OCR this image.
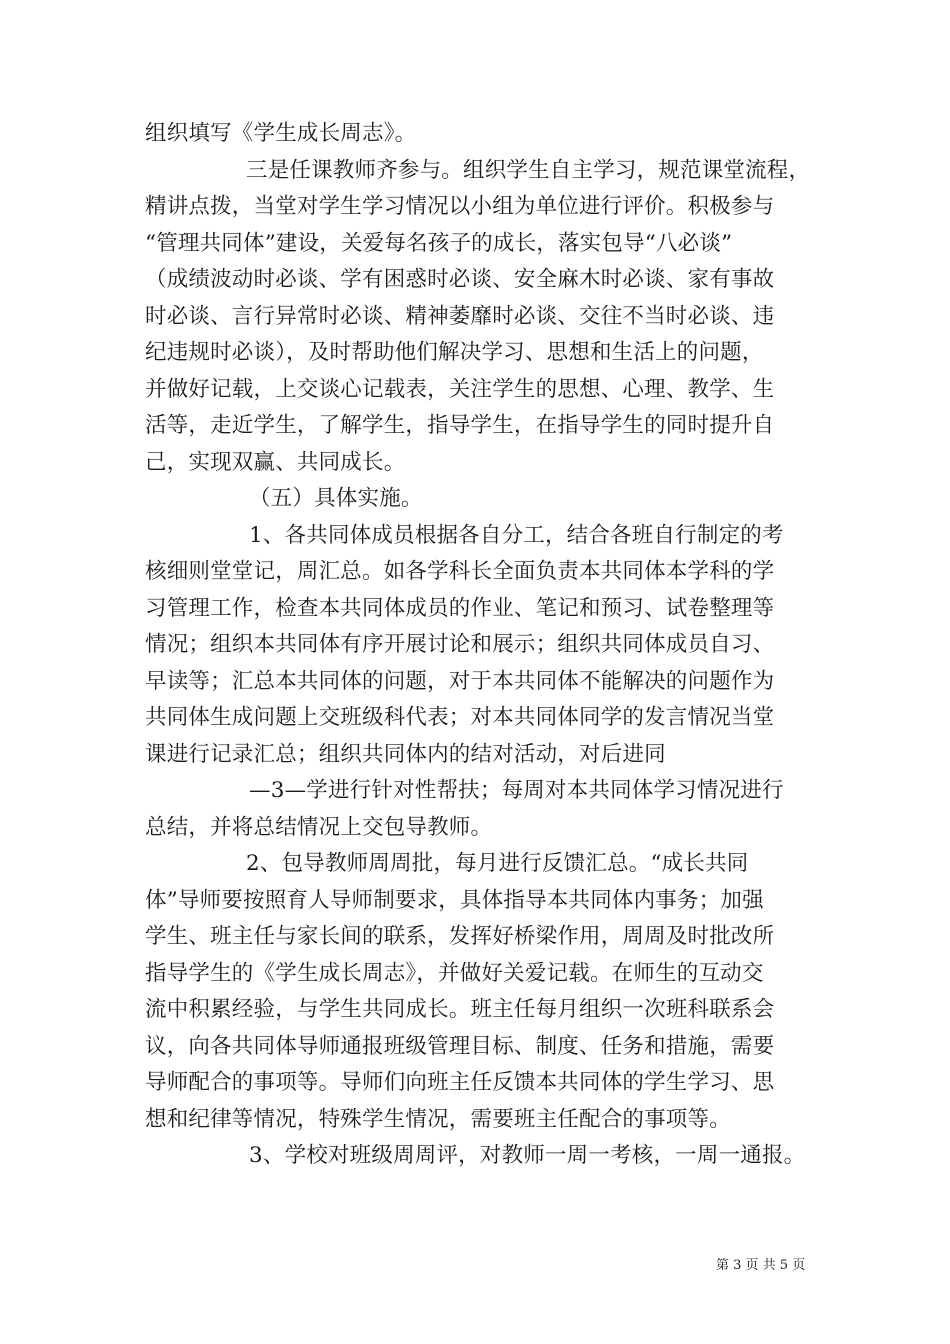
组织填写《学生成长周志》。
三是任课教师齐参与。组织学生自主学习，规范课堂流程，
精讲点拨，当堂对学生学习情况以小组为单位进行评价。积极参与
“管理共同体”建设，关爱每名孩子的成长，落实包导“八必谈”
（成绩波动时必谈、学有困惑时必谈、安全麻木时必谈、家有事故
时必谈、言行异常时必谈、精神萎靡时必谈、交往不当时必谈、违
纪违规时必谈），及时帮助他们解决学习、思想和生活上的问题，
并做好记载，上交谈心记载表，关注学生的思想、心理、教学、生
活等，走近学生，了解学生，指导学生，在指导学生的同时提升自
己，实现双赢、共同成长。
（五）具体实施。
1、各共同体成员根据各自分工，结合各班自行制定的考
核细则堂堂记，周汇总。如各学科长全面负责本共同体本学科的学
习管理工作，检查本共同体成员的作业、笔记和预习、试卷整理等
情况；组织本共同体有序开展讨论和展示；组织共同体成员自习、
早读等；汇总本共同体的问题，对于本共同体不能解决的问题作为
共同体生成问题上交班级科代表；对本共同体同学的发言情况当堂
课进行记录汇总；组织共同体内的结对活动，对后进同
—3—学进行针对性帮扶；每周对本共同体学习情况进行
总结，并将总结情况上交包导教师。
2、包导教师周周批，每月进行反馈汇总。“成长共同
体”导师要按照育人导师制要求，具体指导本共同体内事务；加强
学生、班主任与家长间的联系，发挥好桥梁作用，周周及时批改所
指导学生的《学生成长周志》，并做好关爱记载。在师生的互动交
流中积累经验，与学生共同成长。班主任每月组织一次班科联系会
议，向各共同体导师通报班级管理目标、制度、任务和措施，需要
导师配合的事项等。导师们向班主任反馈本共同体的学生学习、思
想和纪律等情况，特殊学生情况，需要班主任配合的事项等。
3、学校对班级周周评，对教师一周一考核，一周一通报。
第 3 页 共 5 页
